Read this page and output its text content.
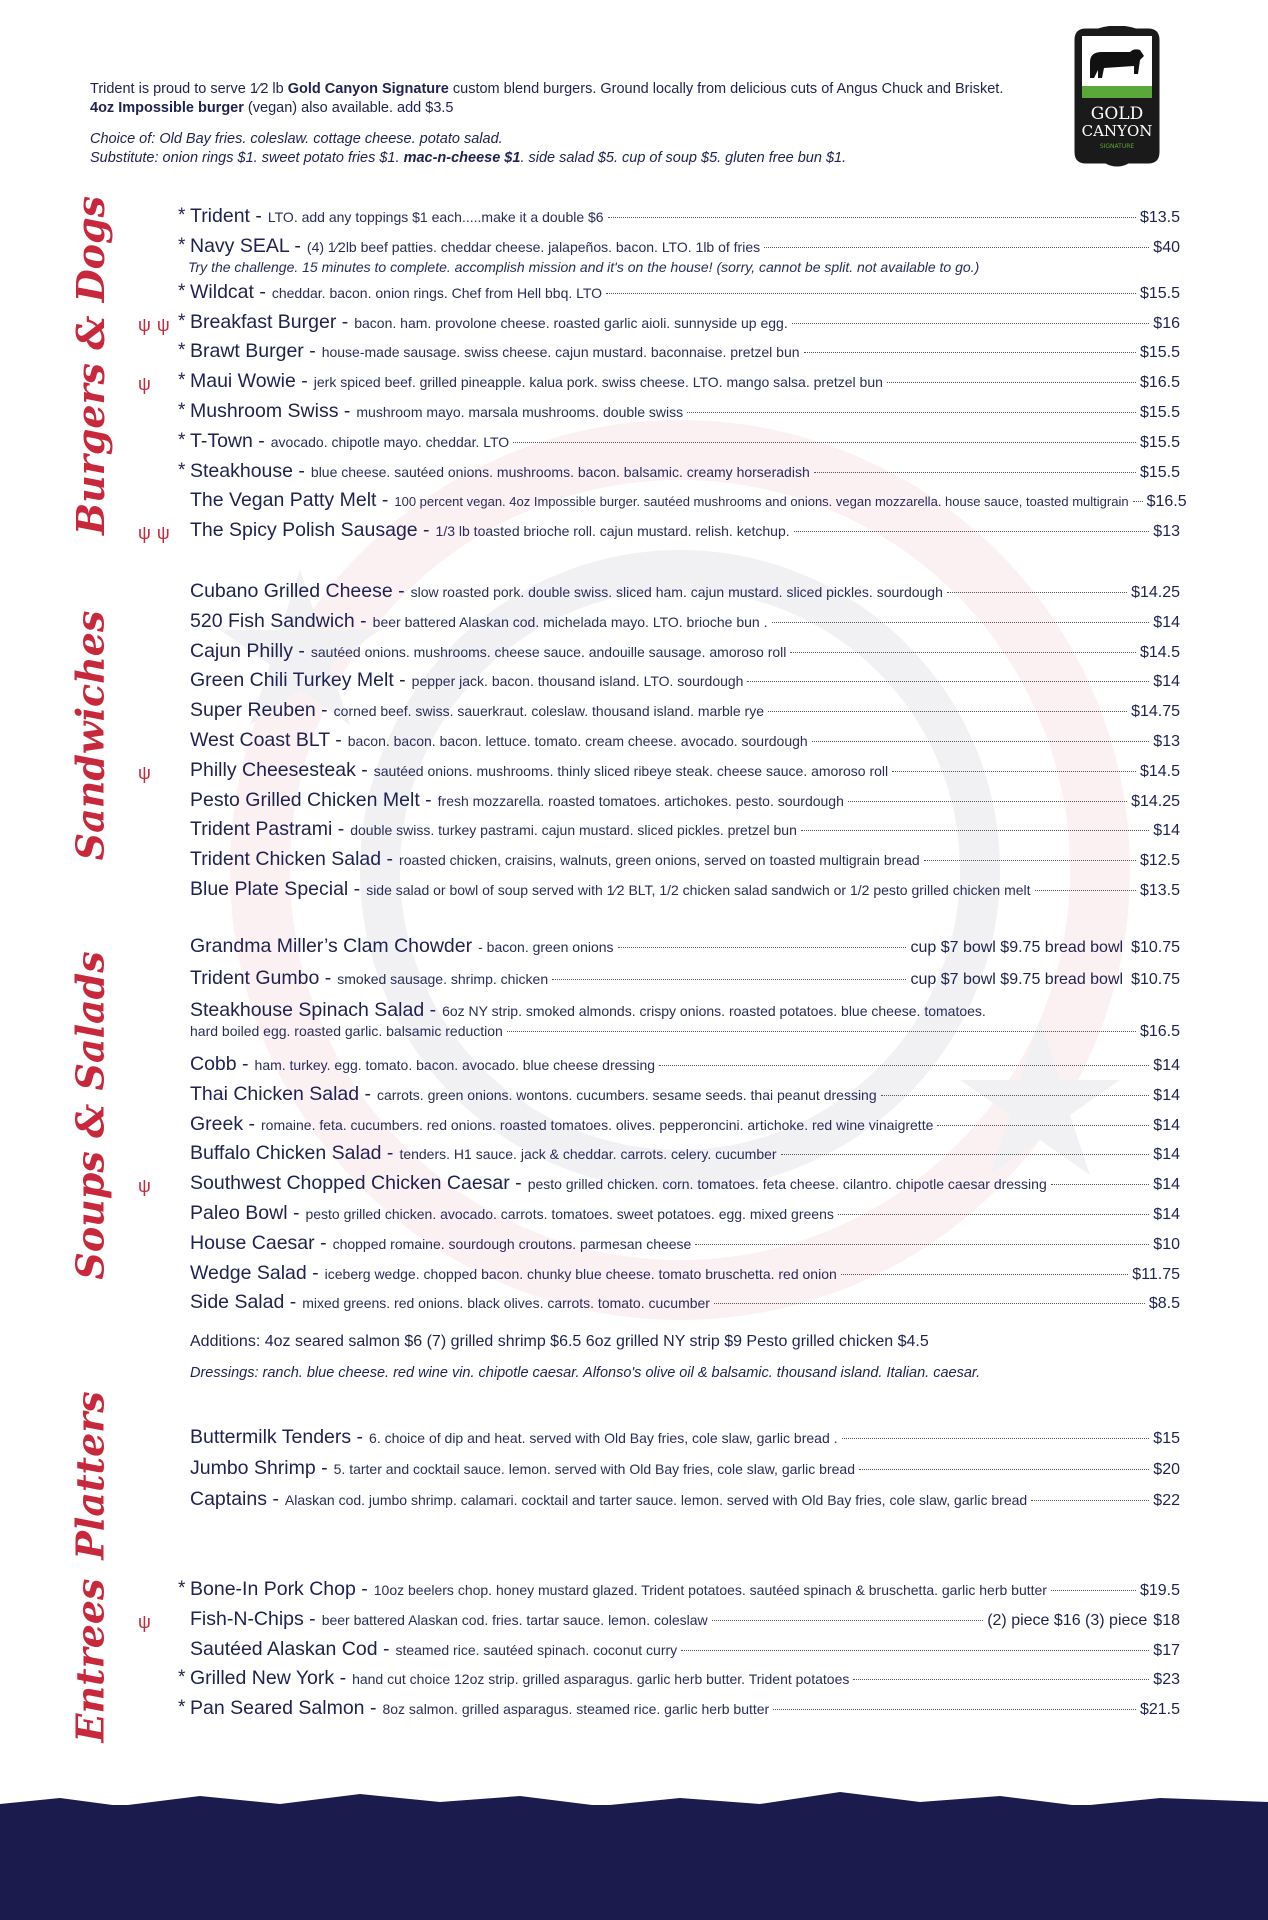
Trident is proud to serve 1⁄2 lb Gold Canyon Signature custom blend burgers. Ground locally from delicious cuts of Angus Chuck and Brisket.

4oz Impossible burger (vegan) also available. add $3.5

Choice of: Old Bay fries. coleslaw. cottage cheese. potato salad.

Substitute: onion rings $1. sweet potato fries $1. mac-n-cheese $1. side salad $5. cup of soup $5. gluten free bun $1.

GOLD
CANYON
SIGNATURE
Burgers & Dogs
Sandwiches
Soups & Salads
Platters
Entrees
* Trident - LTO. add any toppings $1 each.....make it a double $6	$13.5
* Navy SEAL - (4) 1⁄2lb beef patties. cheddar cheese. jalapeños. bacon. LTO. 1lb of fries	$40
Try the challenge. 15 minutes to complete. accomplish mission and it's on the house! (sorry, cannot be split. not available to go.)
* Wildcat - cheddar. bacon. onion rings. Chef from Hell bbq. LTO	$15.5
*
ψψ Breakfast Burger - bacon. ham. provolone cheese. roasted garlic aioli. sunnyside up egg.	$16
* Brawt Burger - house-made sausage. swiss cheese. cajun mustard. baconnaise. pretzel bun	$15.5
*
ψ Maui Wowie - jerk spiced beef. grilled pineapple. kalua pork. swiss cheese. LTO. mango salsa. pretzel bun	$16.5
* Mushroom Swiss - mushroom mayo. marsala mushrooms. double swiss	$15.5
* T-Town - avocado. chipotle mayo. cheddar. LTO	$15.5
* Steakhouse - blue cheese. sautéed onions. mushrooms. bacon. balsamic. creamy horseradish	$15.5
The Vegan Patty Melt - 100 percent vegan. 4oz Impossible burger. sautéed mushrooms and onions. vegan mozzarella. house sauce, toasted multigrain $16.5
ψψ The Spicy Polish Sausage - 1/3 lb toasted brioche roll. cajun mustard. relish. ketchup.	$13
Cubano Grilled Cheese - slow roasted pork. double swiss. sliced ham. cajun mustard. sliced pickles. sourdough	$14.25
520 Fish Sandwich - beer battered Alaskan cod. michelada mayo. LTO. brioche bun .	$14
Cajun Philly - sautéed onions. mushrooms. cheese sauce. andouille sausage. amoroso roll	$14.5
Green Chili Turkey Melt - pepper jack. bacon. thousand island. LTO. sourdough	$14
Super Reuben - corned beef. swiss. sauerkraut. coleslaw. thousand island. marble rye	$14.75
West Coast BLT - bacon. bacon. bacon. lettuce. tomato. cream cheese. avocado. sourdough	$13
ψ Philly Cheesesteak - sautéed onions. mushrooms. thinly sliced ribeye steak. cheese sauce. amoroso roll	$14.5
Pesto Grilled Chicken Melt - fresh mozzarella. roasted tomatoes. artichokes. pesto. sourdough	$14.25
Trident Pastrami - double swiss. turkey pastrami. cajun mustard. sliced pickles. pretzel bun	$14
Trident Chicken Salad - roasted chicken, craisins, walnuts, green onions, served on toasted multigrain bread	$12.5
Blue Plate Special - side salad or bowl of soup served with 1⁄2 BLT, 1/2 chicken salad sandwich or 1/2 pesto grilled chicken melt	$13.5
Grandma Miller’s Clam Chowder - bacon. green onions	cup $7 bowl $9.75 bread bowl $10.75
Trident Gumbo - smoked sausage. shrimp. chicken	cup $7 bowl $9.75 bread bowl $10.75
Steakhouse Spinach Salad - 6oz NY strip. smoked almonds. crispy onions. roasted potatoes. blue cheese. tomatoes.
hard boiled egg. roasted garlic. balsamic reduction	$16.5
Cobb - ham. turkey. egg. tomato. bacon. avocado. blue cheese dressing	$14
Thai Chicken Salad - carrots. green onions. wontons. cucumbers. sesame seeds. thai peanut dressing	$14
Greek - romaine. feta. cucumbers. red onions. roasted tomatoes. olives. pepperoncini. artichoke. red wine vinaigrette	$14
Buffalo Chicken Salad - tenders. H1 sauce. jack & cheddar. carrots. celery. cucumber	$14
ψ Southwest Chopped Chicken Caesar - pesto grilled chicken. corn. tomatoes. feta cheese. cilantro. chipotle caesar dressing	$14
Paleo Bowl - pesto grilled chicken. avocado. carrots. tomatoes. sweet potatoes. egg. mixed greens	$14
House Caesar - chopped romaine. sourdough croutons. parmesan cheese	$10
Wedge Salad - iceberg wedge. chopped bacon. chunky blue cheese. tomato bruschetta. red onion	$11.75
Side Salad - mixed greens. red onions. black olives. carrots. tomato. cucumber	$8.5
Additions: 4oz seared salmon $6 (7) grilled shrimp $6.5 6oz grilled NY strip $9 Pesto grilled chicken $4.5
Dressings: ranch. blue cheese. red wine vin. chipotle caesar. Alfonso's olive oil & balsamic. thousand island. Italian. caesar.
Buttermilk Tenders - 6. choice of dip and heat. served with Old Bay fries, cole slaw, garlic bread .	$15
Jumbo Shrimp - 5. tarter and cocktail sauce. lemon. served with Old Bay fries, cole slaw, garlic bread	$20
Captains - Alaskan cod. jumbo shrimp. calamari. cocktail and tarter sauce. lemon. served with Old Bay fries, cole slaw, garlic bread	$22
* Bone-In Pork Chop - 10oz beelers chop. honey mustard glazed. Trident potatoes. sautéed spinach & bruschetta. garlic herb butter	$19.5
ψ Fish-N-Chips - beer battered Alaskan cod. fries. tartar sauce. lemon. coleslaw	(2) piece $16 (3) piece $18
Sautéed Alaskan Cod - steamed rice. sautéed spinach. coconut curry	$17
* Grilled New York - hand cut choice 12oz strip. grilled asparagus. garlic herb butter. Trident potatoes	$23
* Pan Seared Salmon - 8oz salmon. grilled asparagus. steamed rice. garlic herb butter	$21.5
